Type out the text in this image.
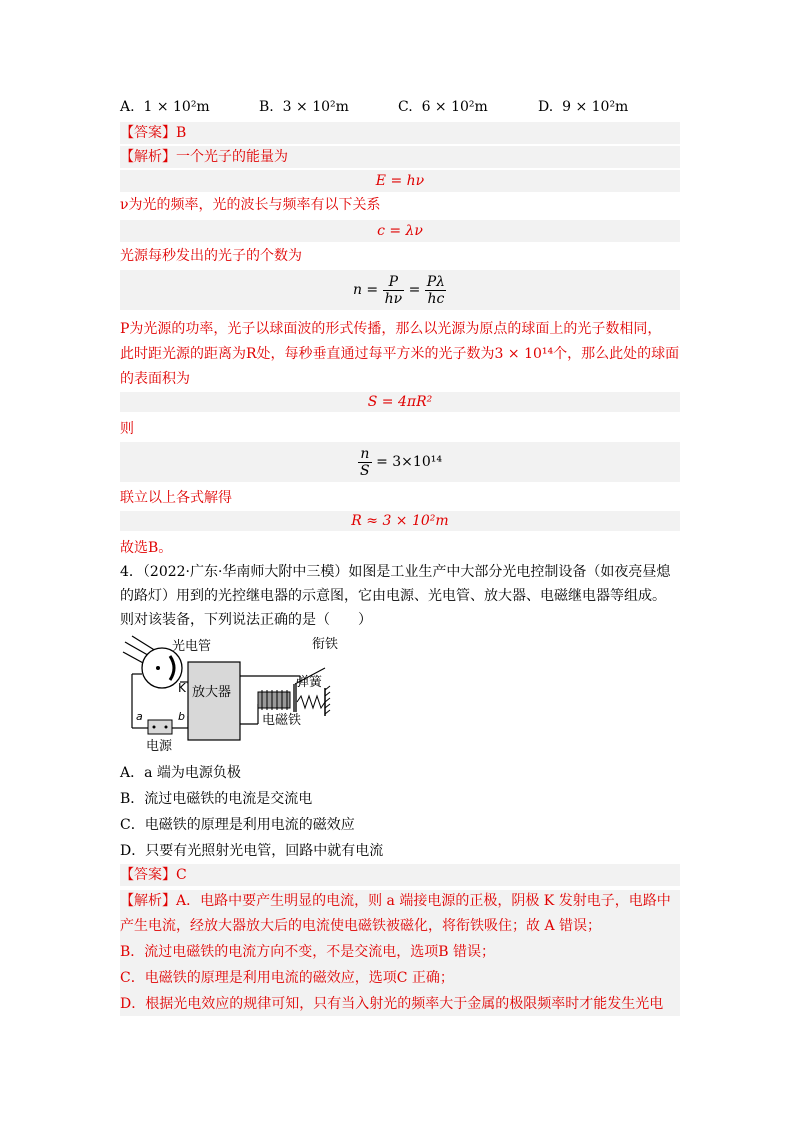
A. 1 × 10²m	B. 3 × 10²m	C. 6 × 10²m	D. 9 × 10²m
【答案】B
【解析】一个光子的能量为
E = hν
ν为光的频率，光的波长与频率有以下关系
c = λν
光源每秒发出的光子的个数为
n =
$\frac{P}{h\nu}$
=
$\frac{P\lambda}{hc}$
P为光源的功率，光子以球面波的形式传播，那么以光源为原点的球面上的光子数相同，
此时距光源的距离为R处，每秒垂直通过每平方米的光子数为3 × 10¹⁴个，那么此处的球面
的表面积为
S = 4πR²
则
$\frac{n}{S}$
= 3×10¹⁴
联立以上各式解得
R ≈ 3 × 10²m
故选B。
4．（2022·广东·华南师大附中三模）如图是工业生产中大部分光电控制设备（如夜亮昼熄
的路灯）用到的光控继电器的示意图，它由电源、光电管、放大器、电磁继电器等组成。
则对该装备，下列说法正确的是（　　）
光电管
K 放大器
a	b
电源
电磁铁
衔铁
弹簧
A．a 端为电源负极
B．流过电磁铁的电流是交流电
C．电磁铁的原理是利用电流的磁效应
D．只要有光照射光电管，回路中就有电流
【答案】C
【解析】A．电路中要产生明显的电流，则 a 端接电源的正极，阴极 K 发射电子，电路中
产生电流，经放大器放大后的电流使电磁铁被磁化，将衔铁吸住；故 A 错误；
B．流过电磁铁的电流方向不变，不是交流电，选项B 错误；
C．电磁铁的原理是利用电流的磁效应，选项C 正确；
D．根据光电效应的规律可知，只有当入射光的频率大于金属的极限频率时才能发生光电
